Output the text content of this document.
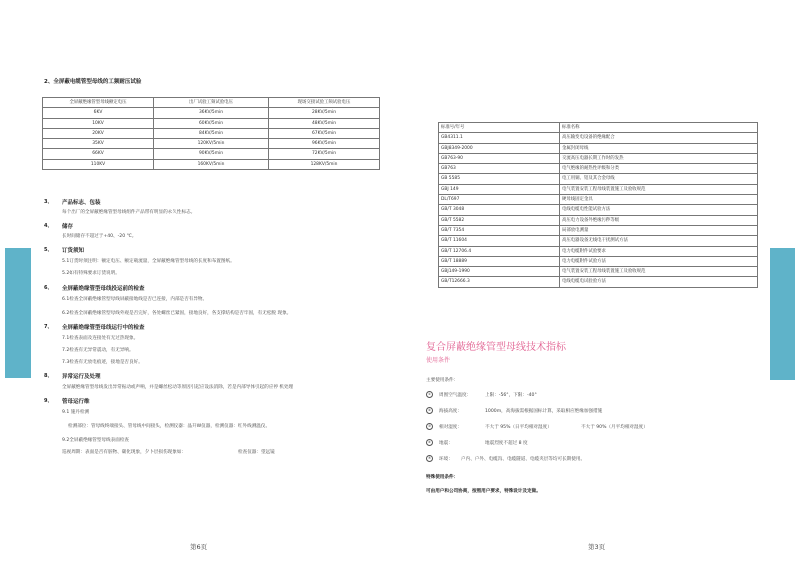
2、全屏蔽电缆管型母线的工频耐压试验
全屏蔽绝缘管型母线额定电压	出厂试验工频试验电压	现场交接试验工频试验电压
6KV	36KV/5min	28KV/5min
10KV	60KV/5min	48KV/5min
20KV	84KV/5min	67KV/5min
35KV	120KV/5min	96KV/5min
66KV	90KV/5min	72KV/5min
110KV	160KV/5min	128KV/5min
3、 产品标志、包装
每个出厂的全屏蔽绝缘管型母线组件产品带有明显的永久性标志。
4、 储存
长时间储存不超过于+40、-20 ℃。
5、 订货须知
5.1订货时须注明：额定电压、额定载流量，全屏蔽绝缘管型母线的长度和布置图纸。
5.2如有特殊要求订货说明。
6、 全屏蔽绝缘管型母线投运前的检查
6.1检查全屏蔽绝缘管型母线屏蔽接地线是否已连接，内部是否有异物。
6.2检查全屏蔽绝缘管型母线外观是否完好，各处螺丝已紧固，接地良好，各支撑结构是否牢固，有无松脱 现象。
7、 全屏蔽绝缘管型母线运行中的检查
7.1检查表面及连接处有无过热现象。
7.2检查有无异常震动，有无异响。
7.3检查有无放电痕迹，接地是否良好。
8、 异常运行及处理
全屏蔽绝缘管型母线发出异常振动或声响，并是螺丝松动等原因引起应设法消除，若是内部导体引起的应停 机处理
9、 管母运行维
9.1 施丹检测
检测部位：管母线终端接头、管母线中间接头，检测仪器：晶升W仪器，检测仪器：红外线测温仪。
9.2全屏蔽绝缘管型母线表面检查
巡视周期：表面是否有脏物、碳化现象，夕卜层损伤现象如：	检查仪器：望远镜
第6页
标准号/年号	标准名称
GB4311.1	高压输变电设备的绝缘配合
GBJ8349-2000	金属封闭母线
GB763-90	交流高压电器长期工作时的发热
GB763	电气绝缘的耐热性评级和分类
GB 5585	电工用铜、铝及其合金母线
GBJ 149	电气装置安装工程母线装置施工及验收规范
DL/T697	硬母线固定金具
GB/T 3048	电线电缆电性能试验方法
GB/T 5582	高压电力设备外绝缘污秽等级
GB/T 7354	局部放电测量
GB/T 11604	高压电器设备无线电干扰测试方法
GB/T 12706.4	电力电缆附件试验要求
GB/T 18889	电力电缆附件试验方法
GBJ149-1990	电气装置安装工程母线装置施工及验收规范
GB/T12666.3	电线电缆电试验验方法
复合屏蔽绝缘管型母线技术指标
使用条件
主要使用条件：
① 周围空气温度：	上限：-56°，下限：-40°
② 海拔高度：	1000m，高海拔需根据国标计算，采取相应绝缘加强措施
③ 相对湿度：	不大于 95%（日平均相对湿度）	不大于 90%（月平均相对湿度）
④ 地震：	地震烈度不超过 8 度
⑤ 环境： 户内、户外、电缆沟、电缆隧道、电缆夹层等均可长期使用。
特殊使用条件：
可由用户和公司协商，按照用户要求，特殊设计及定做。
第3页
